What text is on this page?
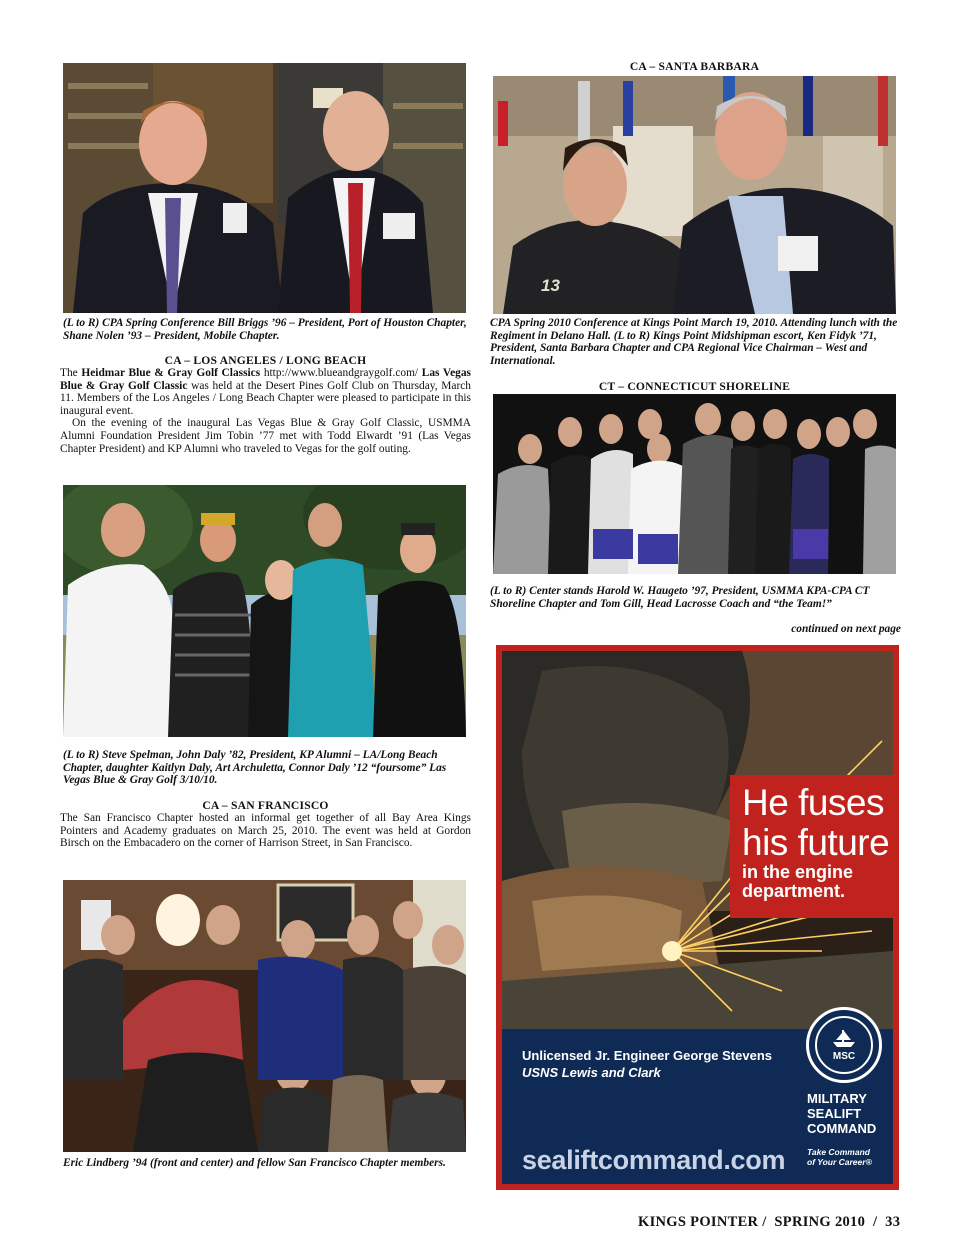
(L to R) CPA Spring Conference Bill Briggs ’96 – President, Port of Houston Chapter, Shane Nolen ’93 – President, Mobile Chapter.
CA – LOS ANGELES / LONG BEACH

The Heidmar Blue & Gray Golf Classics http://www.blueandgraygolf.com/ Las Vegas Blue & Gray Golf Classic was held at the Desert Pines Golf Club on Thursday, March 11. Members of the Los Angeles / Long Beach Chapter were pleased to participate in this inaugural event.

On the evening of the inaugural Las Vegas Blue & Gray Golf Classic, USMMA Alumni Foundation President Jim Tobin ’77 met with Todd Elwardt ’91 (Las Vegas Chapter President) and KP Alumni who traveled to Vegas for the golf outing.

(L to R) Steve Spelman, John Daly ’82, President, KP Alumni – LA/Long Beach Chapter, daughter Kaitlyn Daly, Art Archuletta, Connor Daly ’12 “foursome” Las Vegas Blue & Gray Golf 3/10/10.
CA – SAN FRANCISCO

The San Francisco Chapter hosted an informal get together of all Bay Area Kings Pointers and Academy graduates on March 25, 2010. The event was held at Gordon Birsch on the Embacadero on the corner of Harrison Street, in San Francisco.

Eric Lindberg ’94 (front and center) and fellow San Francisco Chapter members.
CA – SANTA BARBARA
13
CPA Spring 2010 Conference at Kings Point March 19, 2010. Attending lunch with the Regiment in Delano Hall. (L to R) Kings Point Midshipman escort, Ken Fidyk ’71, President, Santa Barbara Chapter and CPA Regional Vice Chairman – West and International.
CT – CONNECTICUT SHORELINE
(L to R) Center stands Harold W. Haugeto ’97, President, USMMA KPA-CPA CT Shoreline Chapter and Tom Gill, Head Lacrosse Coach and “the Team!”
continued on next page
He fuses
his future
in the engine
department.
Unlicensed Jr. Engineer George Stevens
USNS Lewis and Clark
sealiftcommand.com
MSC
MILITARY
SEALIFT
COMMAND
Take Command
of Your Career®
KINGS POINTER /  SPRING 2010  /  33
